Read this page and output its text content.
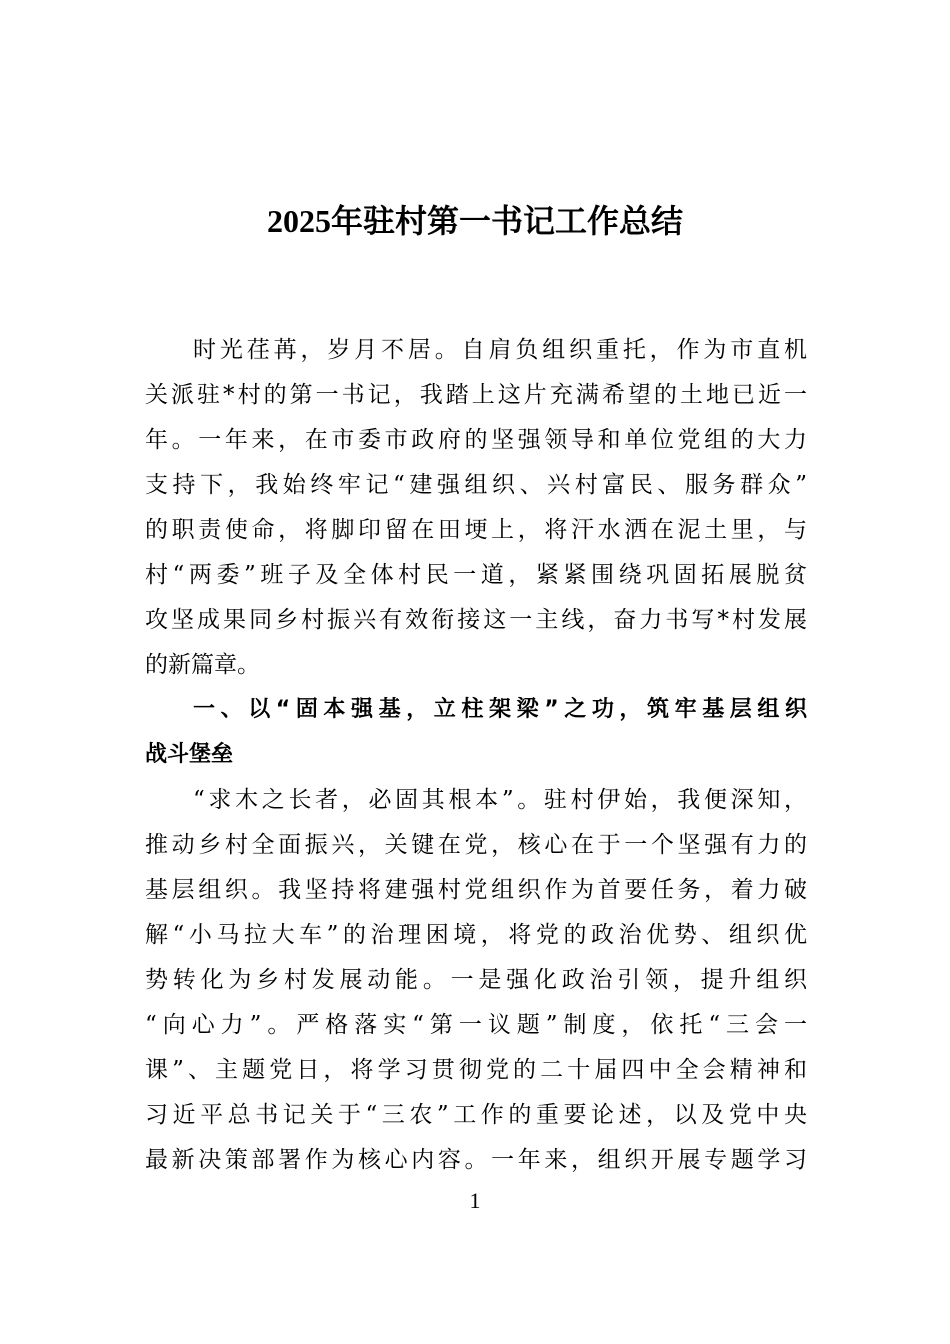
2025年驻村第一书记工作总结
时光荏苒，岁月不居。自肩负组织重托，作为市直机
关派驻*村的第一书记，我踏上这片充满希望的土地已近一
年。一年来，在市委市政府的坚强领导和单位党组的大力
支持下，我始终牢记“建强组织、兴村富民、服务群众”
的职责使命，将脚印留在田埂上，将汗水洒在泥土里，与
村“两委”班子及全体村民一道，紧紧围绕巩固拓展脱贫
攻坚成果同乡村振兴有效衔接这一主线，奋力书写*村发展
的新篇章。
一、以“固本强基，立柱架梁”之功，筑牢基层组织
战斗堡垒
“求木之长者，必固其根本”。驻村伊始，我便深知，
推动乡村全面振兴，关键在党，核心在于一个坚强有力的
基层组织。我坚持将建强村党组织作为首要任务，着力破
解“小马拉大车”的治理困境，将党的政治优势、组织优
势转化为乡村发展动能。一是强化政治引领，提升组织
“向心力”。严格落实“第一议题”制度，依托“三会一
课”、主题党日，将学习贯彻党的二十届四中全会精神和
习近平总书记关于“三农”工作的重要论述，以及党中央
最新决策部署作为核心内容。一年来，组织开展专题学习
1
